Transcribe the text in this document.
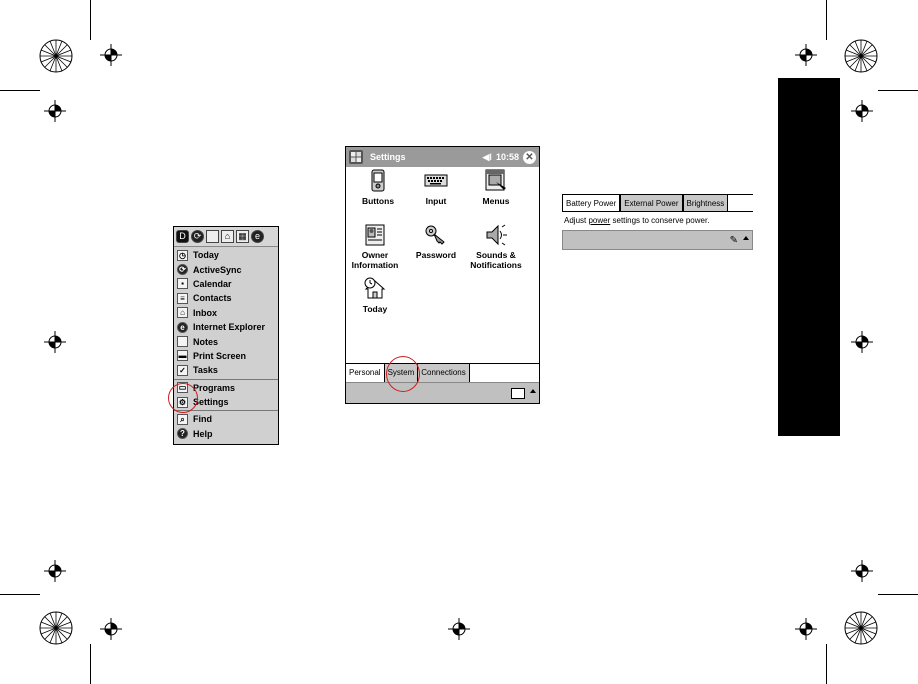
D ⟳	⌂ ▦ e
◷ Today
⟳ ActiveSync
▪	Calendar
≡ Contacts
⌂ Inbox
e Internet Explorer
Notes
▬ Print Screen
✓ Tasks
▭ Programs
⚙ Settings
⌕ Find
? Help
Settings	◀ǀ 10:58 ✕
Buttons	Input	Menus
Owner Information
Password	Sounds & Notifications
Today
Personal System Connections
Battery Power	External Power	Brightness
Adjust power settings to conserve power.
✎
